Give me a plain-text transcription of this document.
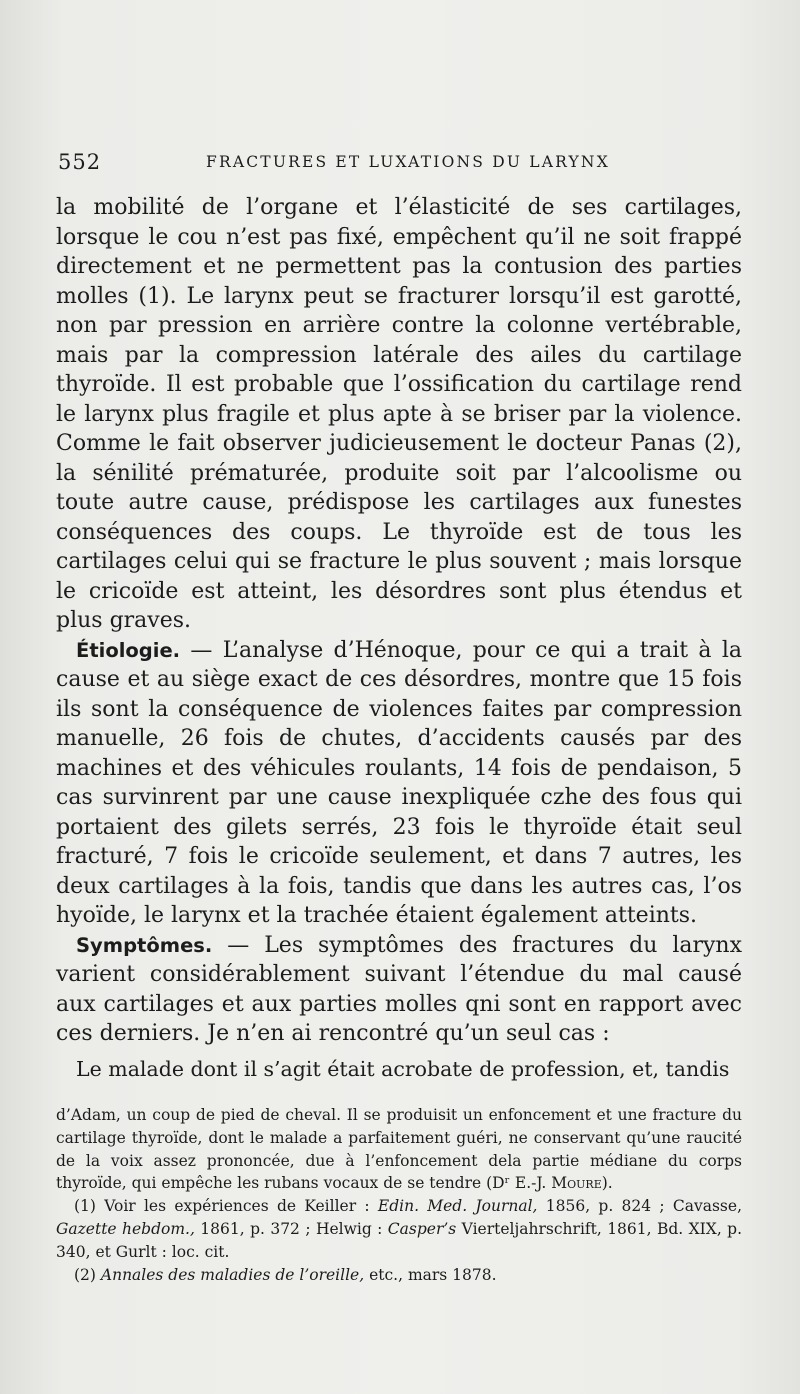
552	FRACTURES ET LUXATIONS DU LARYNX

la mobilité de l’organe et l’élasticité de ses cartilages, lorsque le cou n’est pas fixé, empêchent qu’il ne soit frappé directement et ne permettent pas la contusion des parties molles (1). Le larynx peut se fracturer lorsqu’il est garotté, non par pression en arrière contre la colonne vertébrable, mais par la compression latérale des ailes du cartilage thyroïde. Il est probable que l’ossification du cartilage rend le larynx plus fragile et plus apte à se briser par la violence. Comme le fait observer judicieusement le docteur Panas (2), la sénilité prématurée, produite soit par l’alcoolisme ou toute autre cause, prédispose les cartilages aux funestes conséquences des coups. Le thyroïde est de tous les cartilages celui qui se fracture le plus souvent ; mais lorsque le cricoïde est atteint, les désordres sont plus étendus et plus graves.

Étiologie. — L’analyse d’Hénoque, pour ce qui a trait à la cause et au siège exact de ces désordres, montre que 15 fois ils sont la conséquence de violences faites par compression manuelle, 26 fois de chutes, d’accidents causés par des machines et des véhicules roulants, 14 fois de pendaison, 5 cas survinrent par une cause inexpliquée czhe des fous qui portaient des gilets serrés, 23 fois le thyroïde était seul fracturé, 7 fois le cricoïde seulement, et dans 7 autres, les deux cartilages à la fois, tandis que dans les autres cas, l’os hyoïde, le larynx et la trachée étaient également atteints.

Symptômes. — Les symptômes des fractures du larynx varient considérablement suivant l’étendue du mal causé aux cartilages et aux parties molles qni sont en rapport avec ces derniers. Je n’en ai rencontré qu’un seul cas :

Le malade dont il s’agit était acrobate de profession, et, tandis

d’Adam, un coup de pied de cheval. Il se produisit un enfoncement et une fracture du cartilage thyroïde, dont le malade a parfaitement guéri, ne conservant qu’une raucité de la voix assez prononcée, due à l’enfoncement dela partie médiane du corps thyroïde, qui empêche les rubans vocaux de se tendre (Dʳ E.-J. Moure).

(1) Voir les expériences de Keiller : Edin. Med. Journal, 1856, p. 824 ; Cavasse, Gazette hebdom., 1861, p. 372 ; Helwig : Casper’s Vierteljahrschrift, 1861, Bd. XIX, p. 340, et Gurlt : loc. cit.

(2) Annales des maladies de l’oreille, etc., mars 1878.
